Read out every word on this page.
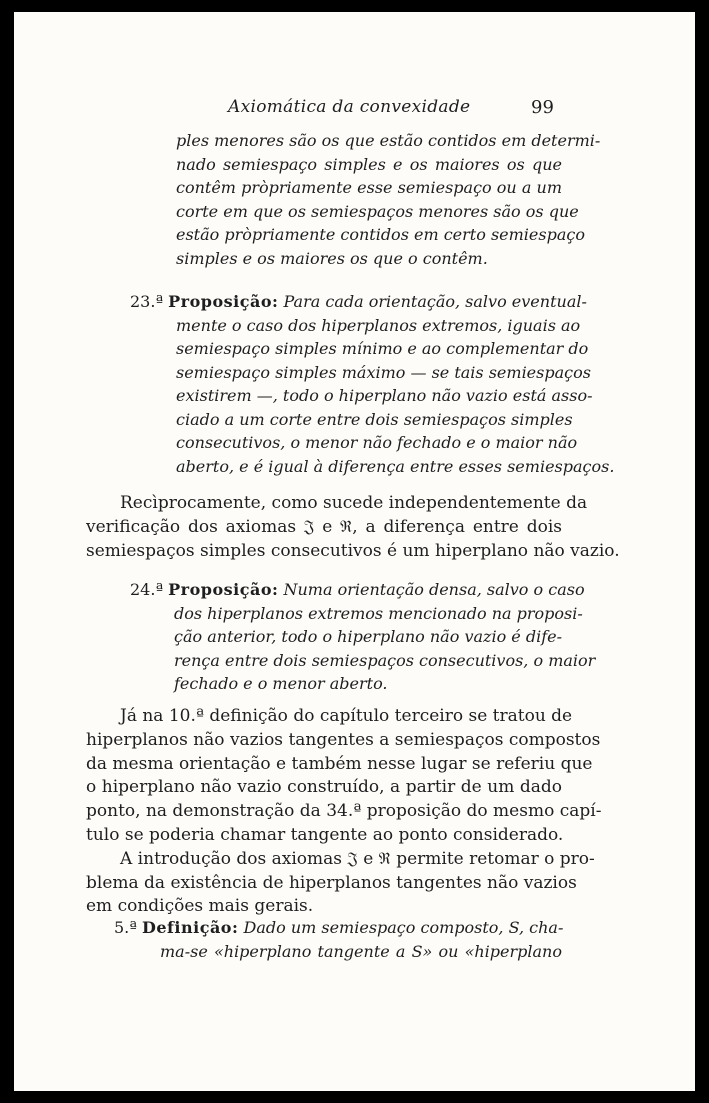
Axiomática da convexidade	99
ples menores são os que estão contidos em determi-
nado semiespaço simples e os maiores os que
contêm pròpriamente esse semiespaço ou a um
corte em que os semiespaços menores são os que
estão pròpriamente contidos em certo semiespaço
simples e os maiores os que o contêm.
23.ª Proposição: Para cada orientação, salvo eventual-
mente o caso dos hiperplanos extremos, iguais ao
semiespaço simples mínimo e ao complementar do
semiespaço simples máximo — se tais semiespaços
existirem —, todo o hiperplano não vazio está asso-
ciado a um corte entre dois semiespaços simples
consecutivos, o menor não fechado e o maior não
aberto, e é igual à diferença entre esses semiespaços.
Recìprocamente, como sucede independentemente da
verificação dos axiomas 𝔍 e ℜ, a diferença entre dois
semiespaços simples consecutivos é um hiperplano não vazio.
24.ª Proposição: Numa orientação densa, salvo o caso
dos hiperplanos extremos mencionado na proposi-
ção anterior, todo o hiperplano não vazio é dife-
rença entre dois semiespaços consecutivos, o maior
fechado e o menor aberto.
Já na 10.ª definição do capítulo terceiro se tratou de
hiperplanos não vazios tangentes a semiespaços compostos
da mesma orientação e também nesse lugar se referiu que
o hiperplano não vazio construído, a partir de um dado
ponto, na demonstração da 34.ª proposição do mesmo capí-
tulo se poderia chamar tangente ao ponto considerado.
A introdução dos axiomas 𝔍 e ℜ permite retomar o pro-
blema da existência de hiperplanos tangentes não vazios
em condições mais gerais.
5.ª Definição: Dado um semiespaço composto, S, cha-
ma-se «hiperplano tangente a S» ou «hiperplano
